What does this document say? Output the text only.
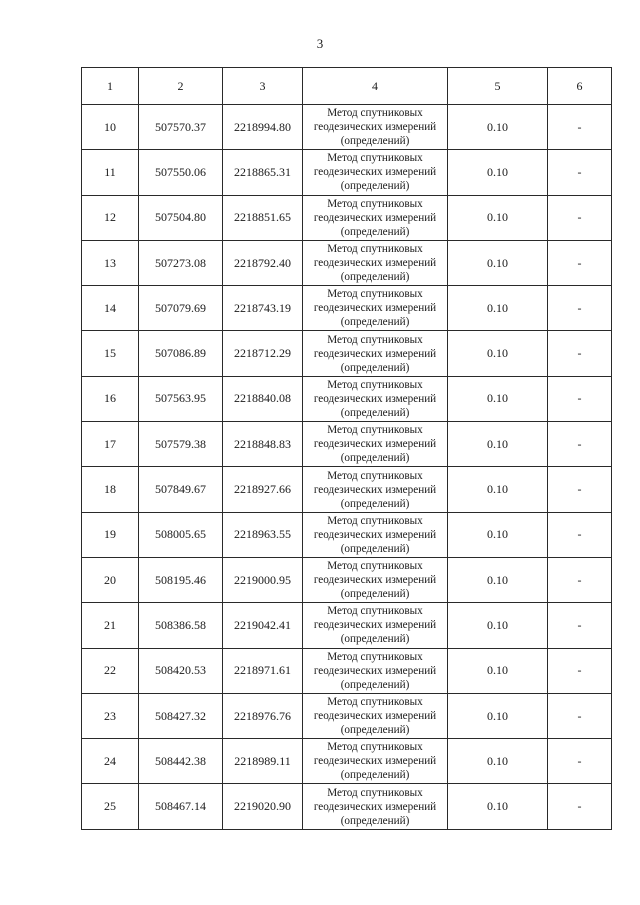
3
1	2	3	4	5	6
10	507570.37	2218994.80	Метод спутниковых
геодезических измерений
(определений)	0.10	-
11	507550.06	2218865.31	Метод спутниковых
геодезических измерений
(определений)	0.10	-
12	507504.80	2218851.65	Метод спутниковых
геодезических измерений
(определений)	0.10	-
13	507273.08	2218792.40	Метод спутниковых
геодезических измерений
(определений)	0.10	-
14	507079.69	2218743.19	Метод спутниковых
геодезических измерений
(определений)	0.10	-
15	507086.89	2218712.29	Метод спутниковых
геодезических измерений
(определений)	0.10	-
16	507563.95	2218840.08	Метод спутниковых
геодезических измерений
(определений)	0.10	-
17	507579.38	2218848.83	Метод спутниковых
геодезических измерений
(определений)	0.10	-
18	507849.67	2218927.66	Метод спутниковых
геодезических измерений
(определений)	0.10	-
19	508005.65	2218963.55	Метод спутниковых
геодезических измерений
(определений)	0.10	-
20	508195.46	2219000.95	Метод спутниковых
геодезических измерений
(определений)	0.10	-
21	508386.58	2219042.41	Метод спутниковых
геодезических измерений
(определений)	0.10	-
22	508420.53	2218971.61	Метод спутниковых
геодезических измерений
(определений)	0.10	-
23	508427.32	2218976.76	Метод спутниковых
геодезических измерений
(определений)	0.10	-
24	508442.38	2218989.11	Метод спутниковых
геодезических измерений
(определений)	0.10	-
25	508467.14	2219020.90	Метод спутниковых
геодезических измерений
(определений)	0.10	-
